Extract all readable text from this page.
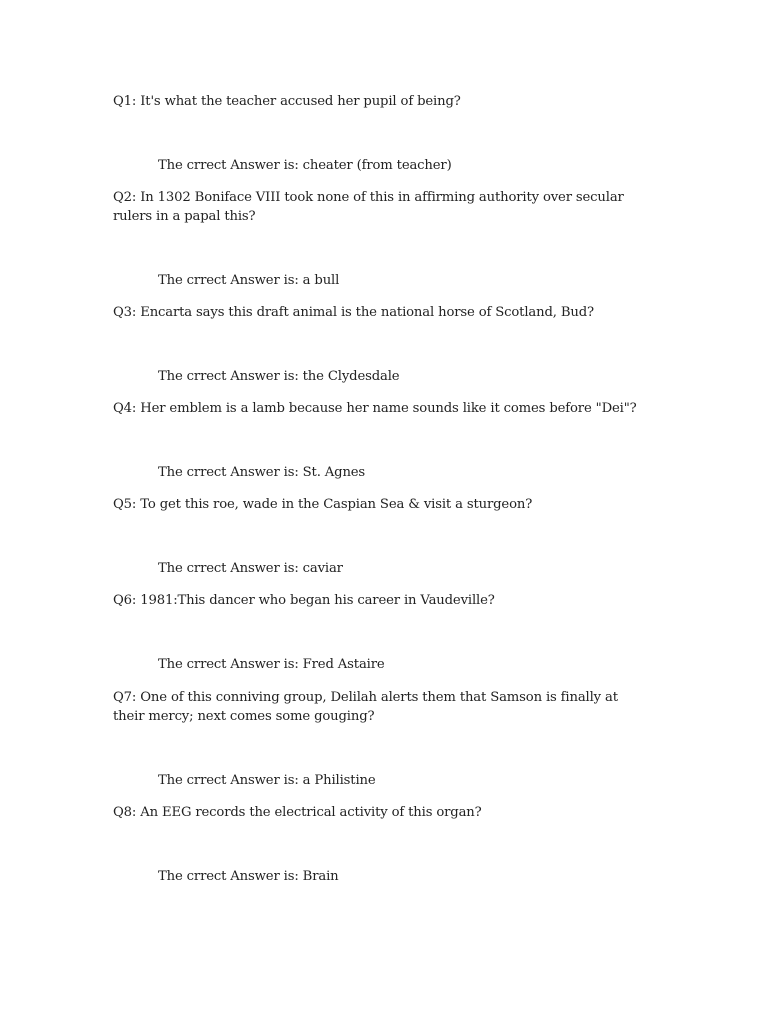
Q1: It's what the teacher accused her pupil of being?

The crrect Answer is: cheater (from teacher)

Q2: In 1302 Boniface VIII took none of this in affirming authority over secular rulers in a papal this?

The crrect Answer is: a bull

Q3: Encarta says this draft animal is the national horse of Scotland, Bud?

The crrect Answer is: the Clydesdale

Q4: Her emblem is a lamb because her name sounds like it comes before "Dei"?

The crrect Answer is: St. Agnes

Q5: To get this roe, wade in the Caspian Sea & visit a sturgeon?

The crrect Answer is: caviar

Q6: 1981:This dancer who began his career in Vaudeville?

The crrect Answer is: Fred Astaire

Q7: One of this conniving group, Delilah alerts them that Samson is finally at their mercy; next comes some gouging?

The crrect Answer is: a Philistine

Q8: An EEG records the electrical activity of this organ?

The crrect Answer is: Brain
